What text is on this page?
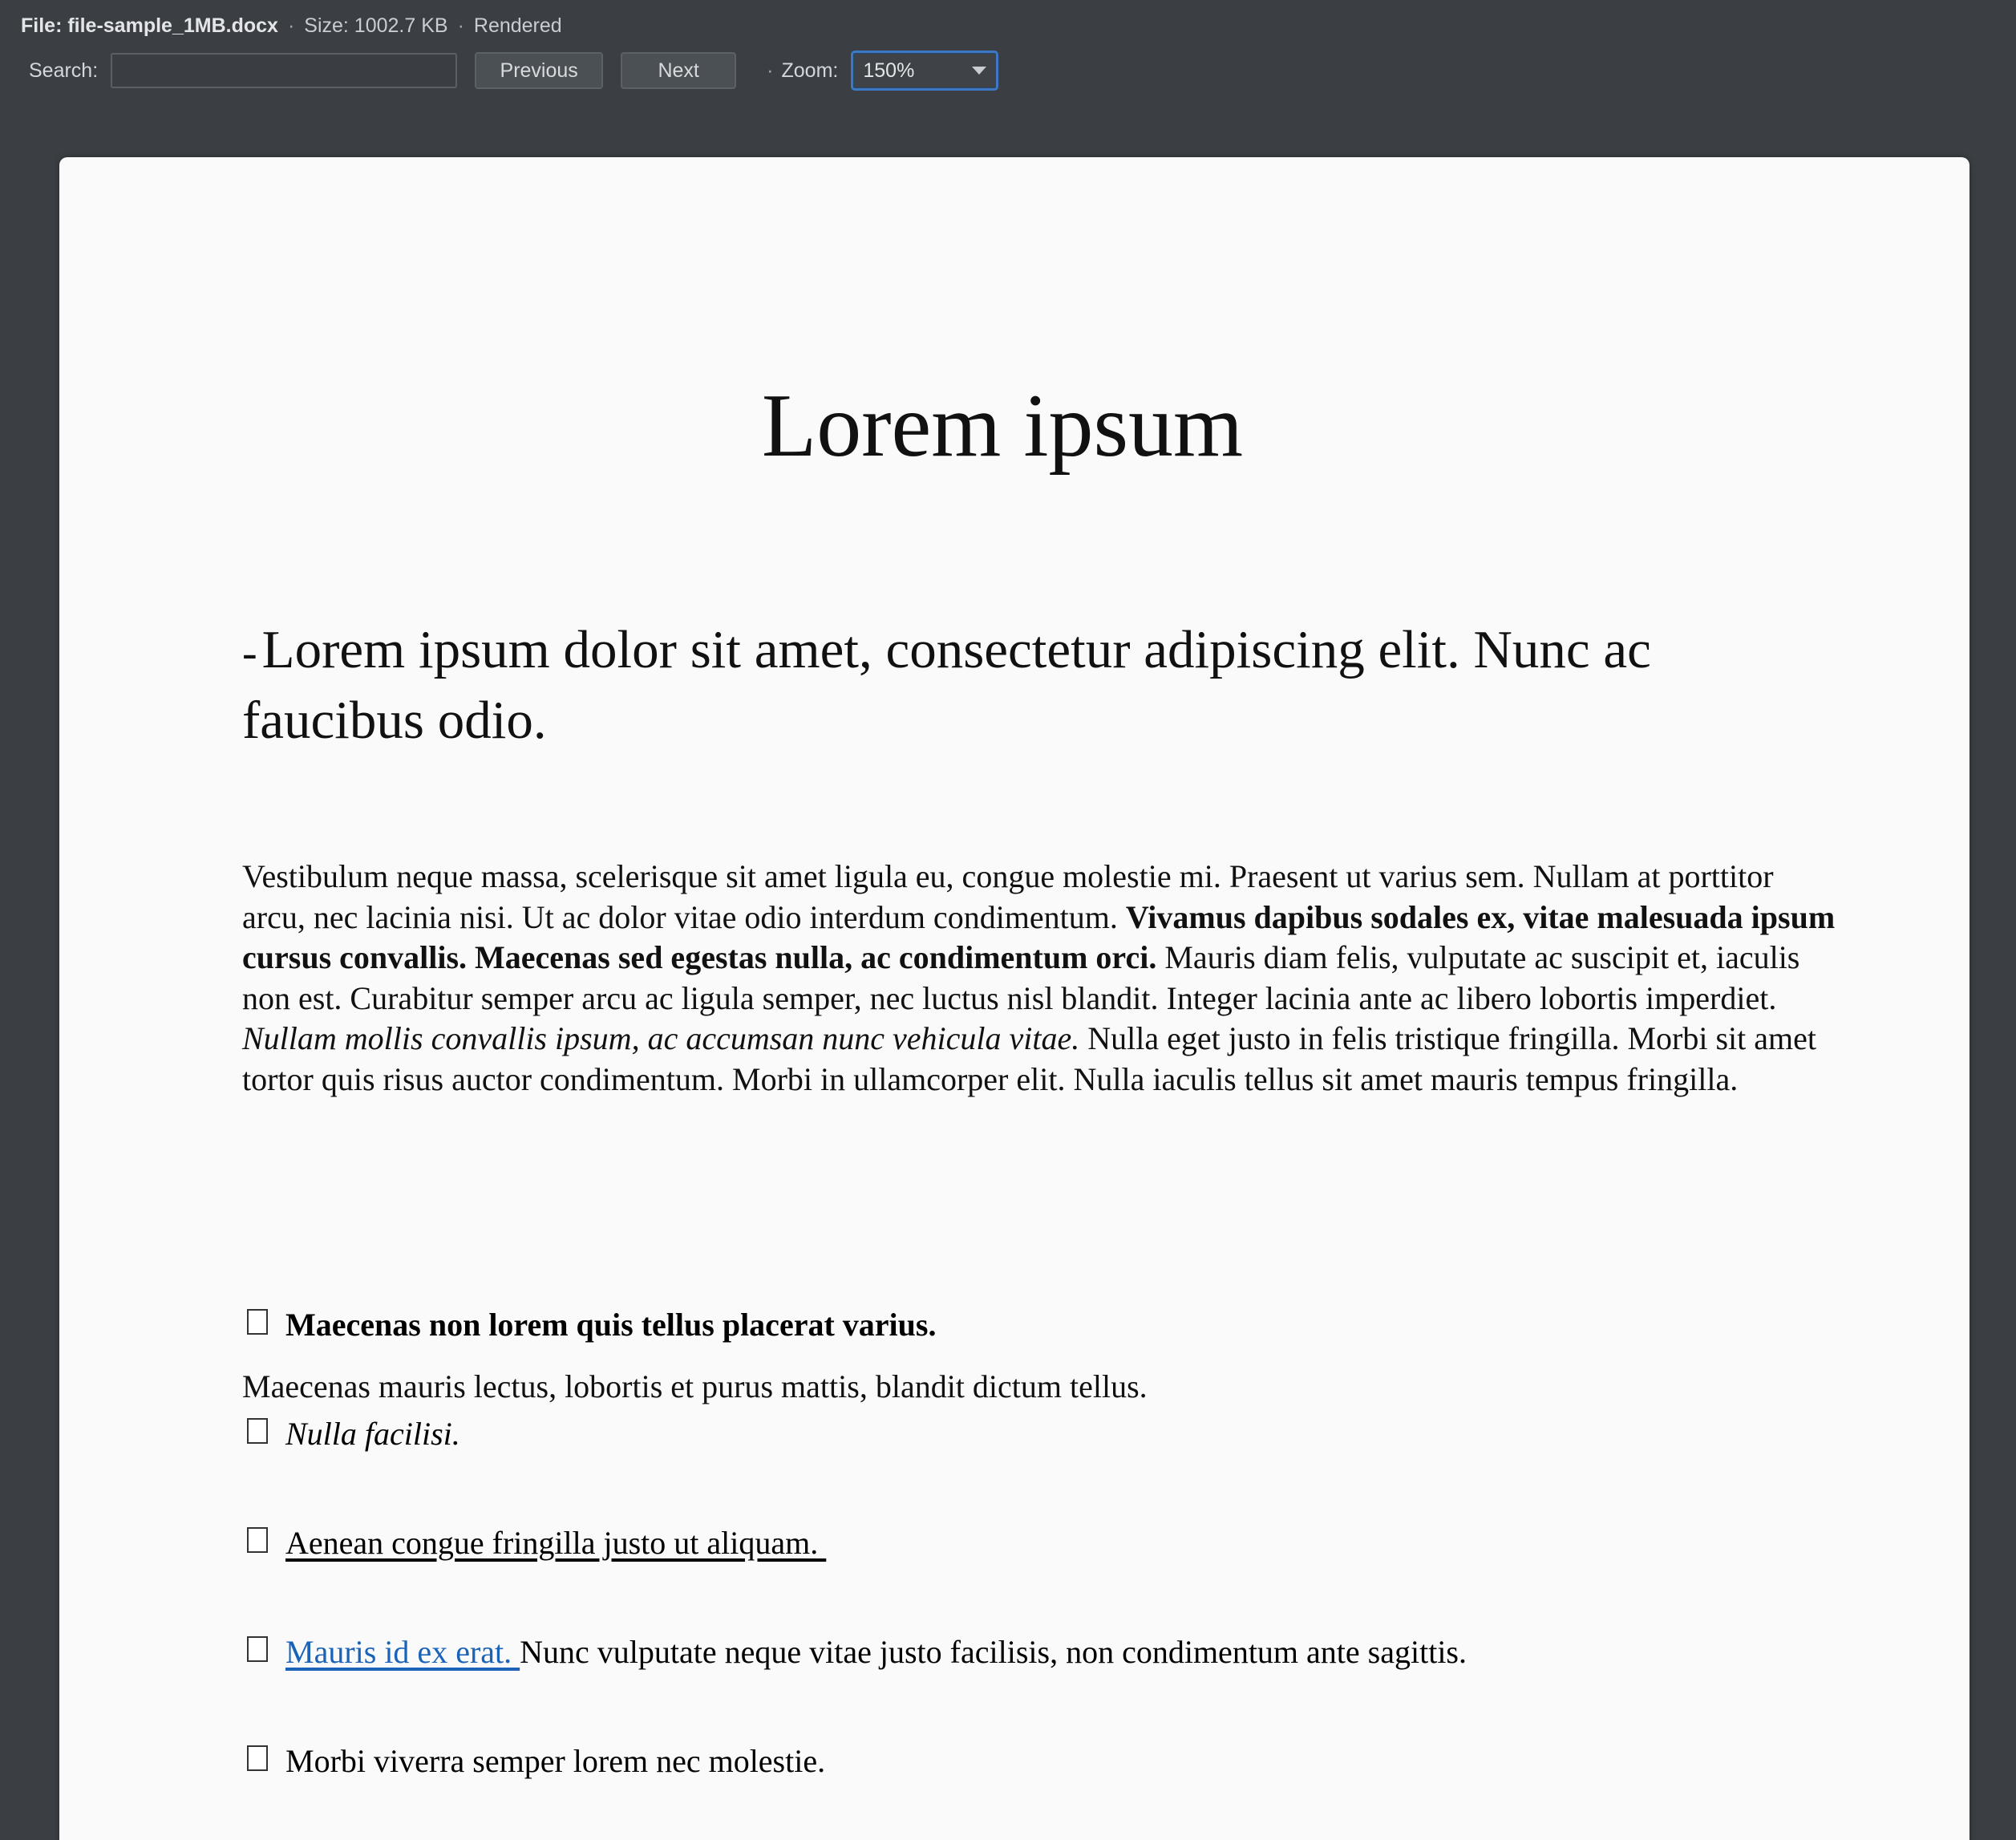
File: file-sample_1MB.docx · Size: 1002.7 KB · Rendered
Search:	Previous	Next	· Zoom: 150%
Lorem ipsum
-Lorem ipsum dolor sit amet, consectetur adipiscing elit. Nunc ac faucibus odio.
Vestibulum neque massa, scelerisque sit amet ligula eu, congue molestie mi. Praesent ut varius sem. Nullam at porttitor arcu, nec lacinia nisi. Ut ac dolor vitae odio interdum condimentum. Vivamus dapibus sodales ex, vitae malesuada ipsum cursus convallis. Maecenas sed egestas nulla, ac condimentum orci. Mauris diam felis, vulputate ac suscipit et, iaculis non est. Curabitur semper arcu ac ligula semper, nec luctus nisl blandit. Integer lacinia ante ac libero lobortis imperdiet. Nullam mollis convallis ipsum, ac accumsan nunc vehicula vitae. Nulla eget justo in felis tristique fringilla. Morbi sit amet tortor quis risus auctor condimentum. Morbi in ullamcorper elit. Nulla iaculis tellus sit amet mauris tempus fringilla.
Maecenas mauris lectus, lobortis et purus mattis, blandit dictum tellus.
Maecenas non lorem quis tellus placerat varius.
Nulla facilisi.
Aenean congue fringilla justo ut aliquam.
Mauris id ex erat. Nunc vulputate neque vitae justo facilisis, non condimentum ante sagittis.
Morbi viverra semper lorem nec molestie.
